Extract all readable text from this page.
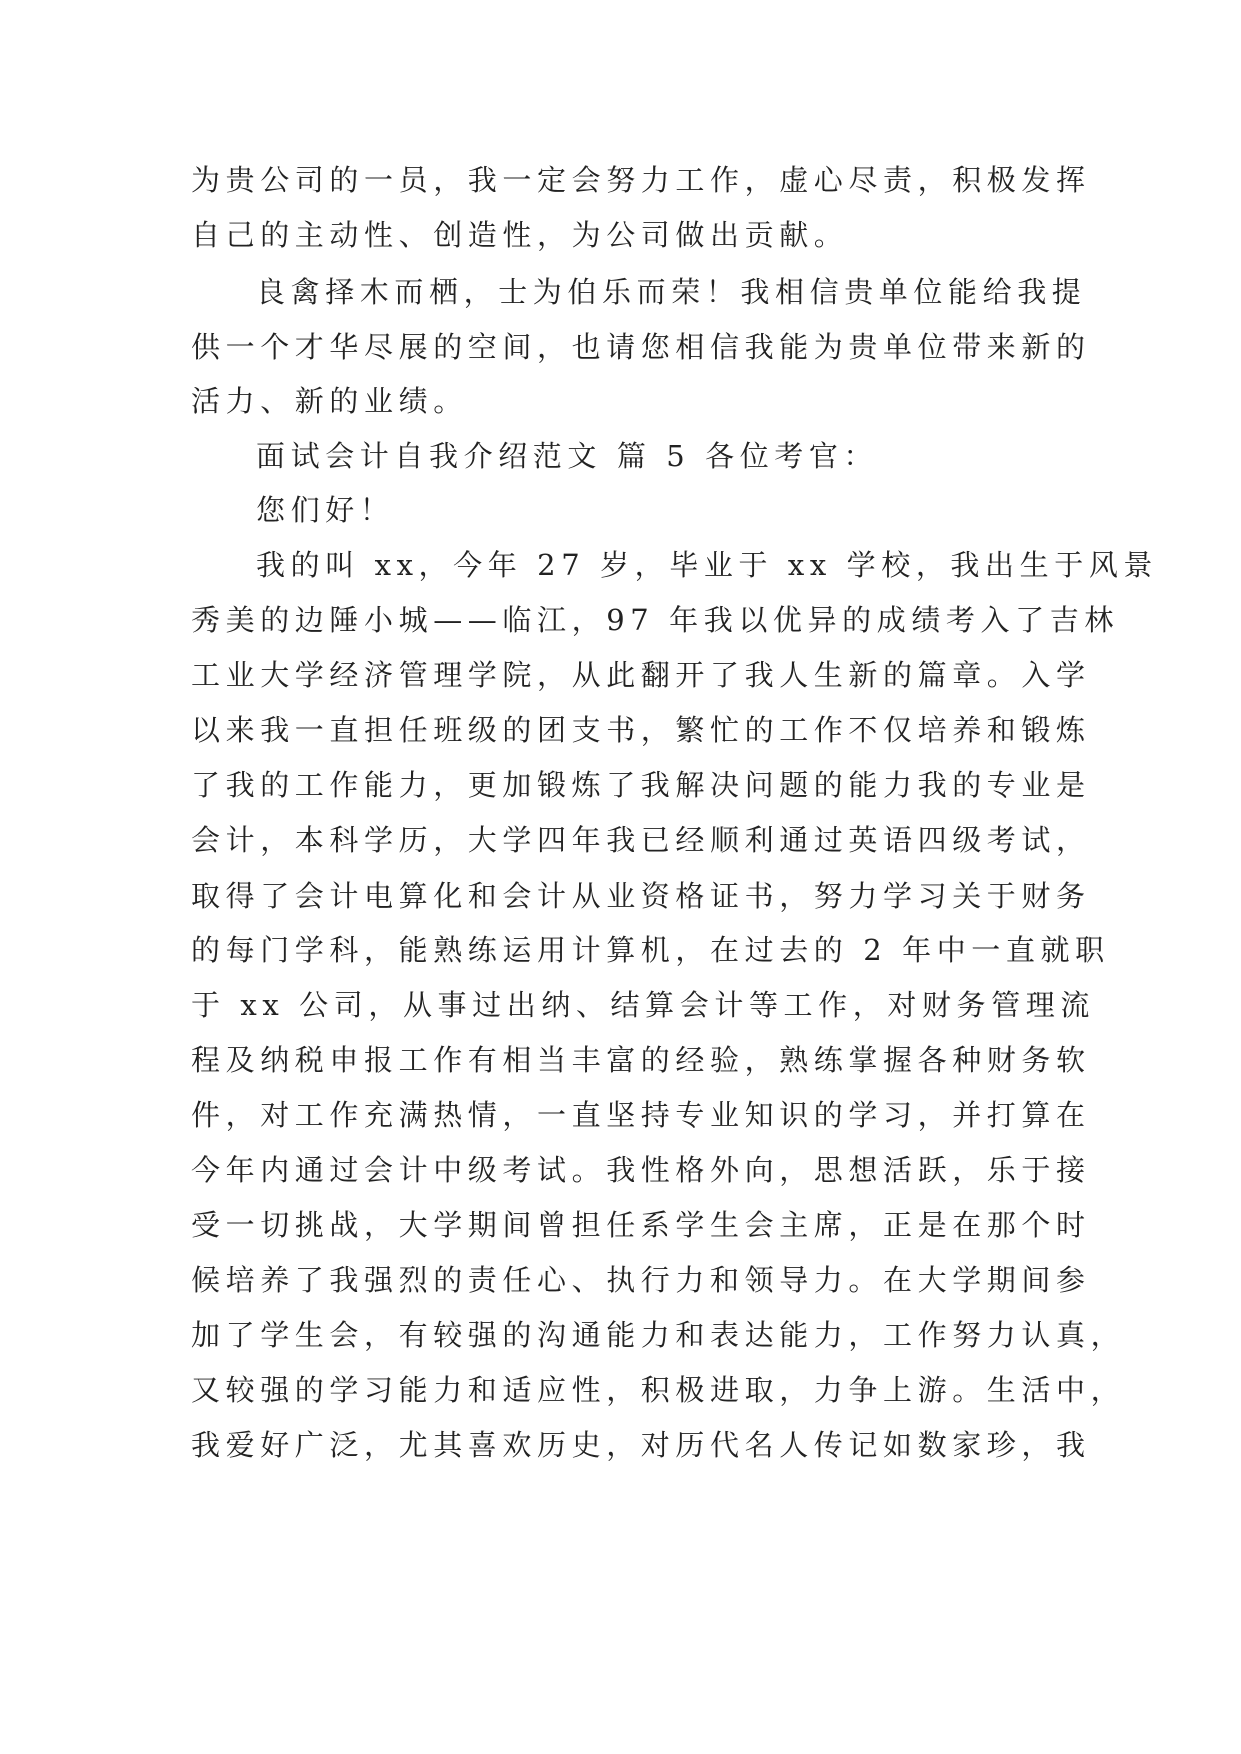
为贵公司的一员，我一定会努力工作，虚心尽责，积极发挥
自己的主动性、创造性，为公司做出贡献。
良禽择木而栖，士为伯乐而荣！我相信贵单位能给我提
供一个才华尽展的空间，也请您相信我能为贵单位带来新的
活力、新的业绩。
面试会计自我介绍范文 篇 5 各位考官：
您们好！
我的叫 xx，今年 27 岁，毕业于 xx 学校，我出生于风景
秀美的边陲小城——临江，97 年我以优异的成绩考入了吉林
工业大学经济管理学院，从此翻开了我人生新的篇章。入学
以来我一直担任班级的团支书，繁忙的工作不仅培养和锻炼
了我的工作能力，更加锻炼了我解决问题的能力我的专业是
会计，本科学历，大学四年我已经顺利通过英语四级考试，
取得了会计电算化和会计从业资格证书，努力学习关于财务
的每门学科，能熟练运用计算机，在过去的 2 年中一直就职
于 xx 公司，从事过出纳、结算会计等工作，对财务管理流
程及纳税申报工作有相当丰富的经验，熟练掌握各种财务软
件，对工作充满热情，一直坚持专业知识的学习，并打算在
今年内通过会计中级考试。我性格外向，思想活跃，乐于接
受一切挑战，大学期间曾担任系学生会主席，正是在那个时
候培养了我强烈的责任心、执行力和领导力。在大学期间参
加了学生会，有较强的沟通能力和表达能力，工作努力认真，
又较强的学习能力和适应性，积极进取，力争上游。生活中，
我爱好广泛，尤其喜欢历史，对历代名人传记如数家珍，我
